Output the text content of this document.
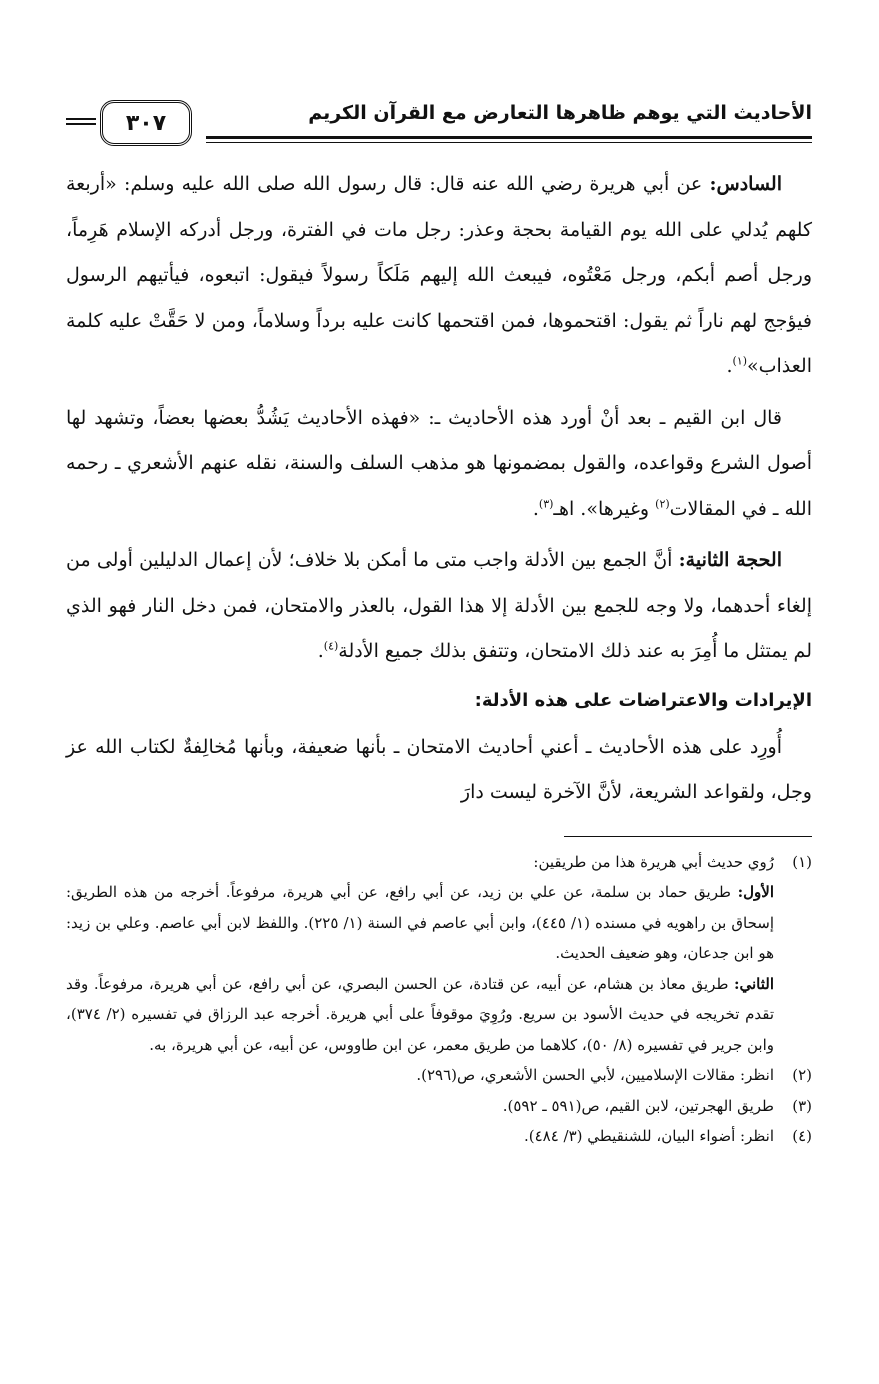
الأحاديث التي يوهم ظاهرها التعارض مع القرآن الكريم
٣٠٧

السادس: عن أبي هريرة رضي الله عنه قال: قال رسول الله صلى الله عليه وسلم: «أربعة كلهم يُدلي على الله يوم القيامة بحجة وعذر: رجل مات في الفترة، ورجل أدركه الإسلام هَرِماً، ورجل أصم أبكم، ورجل مَعْتُوه، فيبعث الله إليهم مَلَكاً رسولاً فيقول: اتبعوه، فيأتيهم الرسول فيؤجج لهم ناراً ثم يقول: اقتحموها، فمن اقتحمها كانت عليه برداً وسلاماً، ومن لا حَقَّتْ عليه كلمة العذاب»$^{(١)}$.

قال ابن القيم ـ بعد أنْ أورد هذه الأحاديث ـ: «فهذه الأحاديث يَشُدُّ بعضها بعضاً، وتشهد لها أصول الشرع وقواعده، والقول بمضمونها هو مذهب السلف والسنة، نقله عنهم الأشعري ـ رحمه الله ـ في المقالات$^{(٢)}$ وغيرها». اهـ$^{(٣)}$.

الحجة الثانية: أنَّ الجمع بين الأدلة واجب متى ما أمكن بلا خلاف؛ لأن إعمال الدليلين أولى من إلغاء أحدهما، ولا وجه للجمع بين الأدلة إلا هذا القول، بالعذر والامتحان، فمن دخل النار فهو الذي لم يمتثل ما أُمِرَ به عند ذلك الامتحان، وتتفق بذلك جميع الأدلة$^{(٤)}$.

الإيرادات والاعتراضات على هذه الأدلة:

أُورِد على هذه الأحاديث ـ أعني أحاديث الامتحان ـ بأنها ضعيفة، وبأنها مُخالِفةٌ لكتاب الله عز وجل، ولقواعد الشريعة، لأنَّ الآخرة ليست دارَ

(١)

رُوي حديث أبي هريرة هذا من طريقين:

الأول: طريق حماد بن سلمة، عن علي بن زيد، عن أبي رافع، عن أبي هريرة، مرفوعاً. أخرجه من هذه الطريق: إسحاق بن راهويه في مسنده (١/ ٤٤٥)، وابن أبي عاصم في السنة (١/ ٢٢٥). واللفظ لابن أبي عاصم. وعلي بن زيد: هو ابن جدعان، وهو ضعيف الحديث.

الثاني: طريق معاذ بن هشام، عن أبيه، عن قتادة، عن الحسن البصري، عن أبي رافع، عن أبي هريرة، مرفوعاً. وقد تقدم تخريجه في حديث الأسود بن سريع. ورُوِيَ موقوفاً على أبي هريرة. أخرجه عبد الرزاق في تفسيره (٢/ ٣٧٤)، وابن جرير في تفسيره (٨/ ٥٠)، كلاهما من طريق معمر، عن ابن طاووس، عن أبيه، عن أبي هريرة، به.

(٢)
انظر: مقالات الإسلاميين، لأبي الحسن الأشعري، ص(٢٩٦).
(٣)
طريق الهجرتين، لابن القيم، ص(٥٩١ ـ ٥٩٢).
(٤)
انظر: أضواء البيان، للشنقيطي (٣/ ٤٨٤).
